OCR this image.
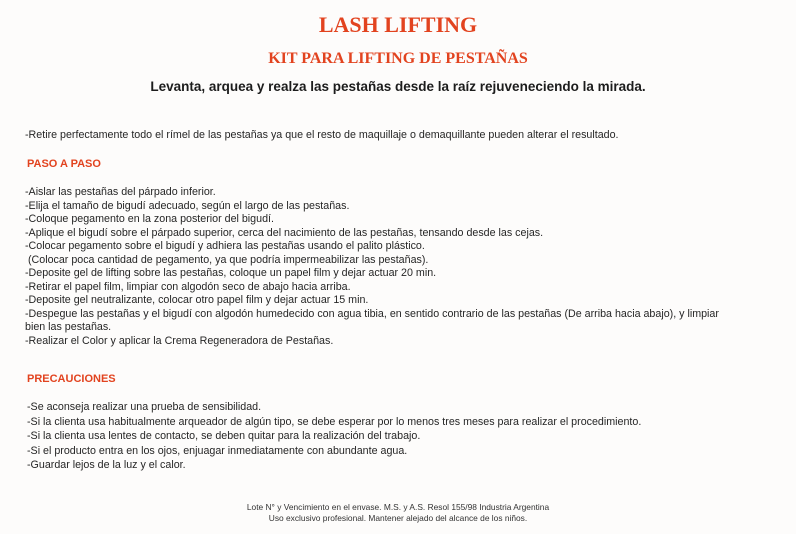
LASH LIFTING
KIT PARA LIFTING DE PESTAÑAS

Levanta, arquea y realza las pestañas desde la raíz rejuveneciendo la mirada.

-Retire perfectamente todo el rímel de las pestañas ya que el resto de maquillaje o demaquillante pueden alterar el resultado.

PASO A PASO
-Aislar las pestañas del párpado inferior.
-Elija el tamaño de bigudí adecuado, según el largo de las pestañas.
-Coloque pegamento en la zona posterior del bigudí.
-Aplique el bigudí sobre el párpado superior, cerca del nacimiento de las pestañas, tensando desde las cejas.
-Colocar pegamento sobre el bigudí y adhiera las pestañas usando el palito plástico.
(Colocar poca cantidad de pegamento, ya que podría impermeabilizar las pestañas).
-Deposite gel de lifting sobre las pestañas, coloque un papel film y dejar actuar 20 min.
-Retirar el papel film, limpiar con algodón seco de abajo hacia arriba.
-Deposite gel neutralizante, colocar otro papel film y dejar actuar 15 min.
-Despegue las pestañas y el bigudí con algodón humedecido con agua tibia, en sentido contrario de las pestañas (De arriba hacia abajo), y limpiar
bien las pestañas.
-Realizar el Color y aplicar la Crema Regeneradora de Pestañas.
PRECAUCIONES
-Se aconseja realizar una prueba de sensibilidad.
-Si la clienta usa habitualmente arqueador de algún tipo, se debe esperar por lo menos tres meses para realizar el procedimiento.
-Si la clienta usa lentes de contacto, se deben quitar para la realización del trabajo.
-Si el producto entra en los ojos, enjuagar inmediatamente con abundante agua.
-Guardar lejos de la luz y el calor.
Lote N° y Vencimiento en el envase. M.S. y A.S. Resol 155/98 Industria Argentina
Uso exclusivo profesional. Mantener alejado del alcance de los niños.
